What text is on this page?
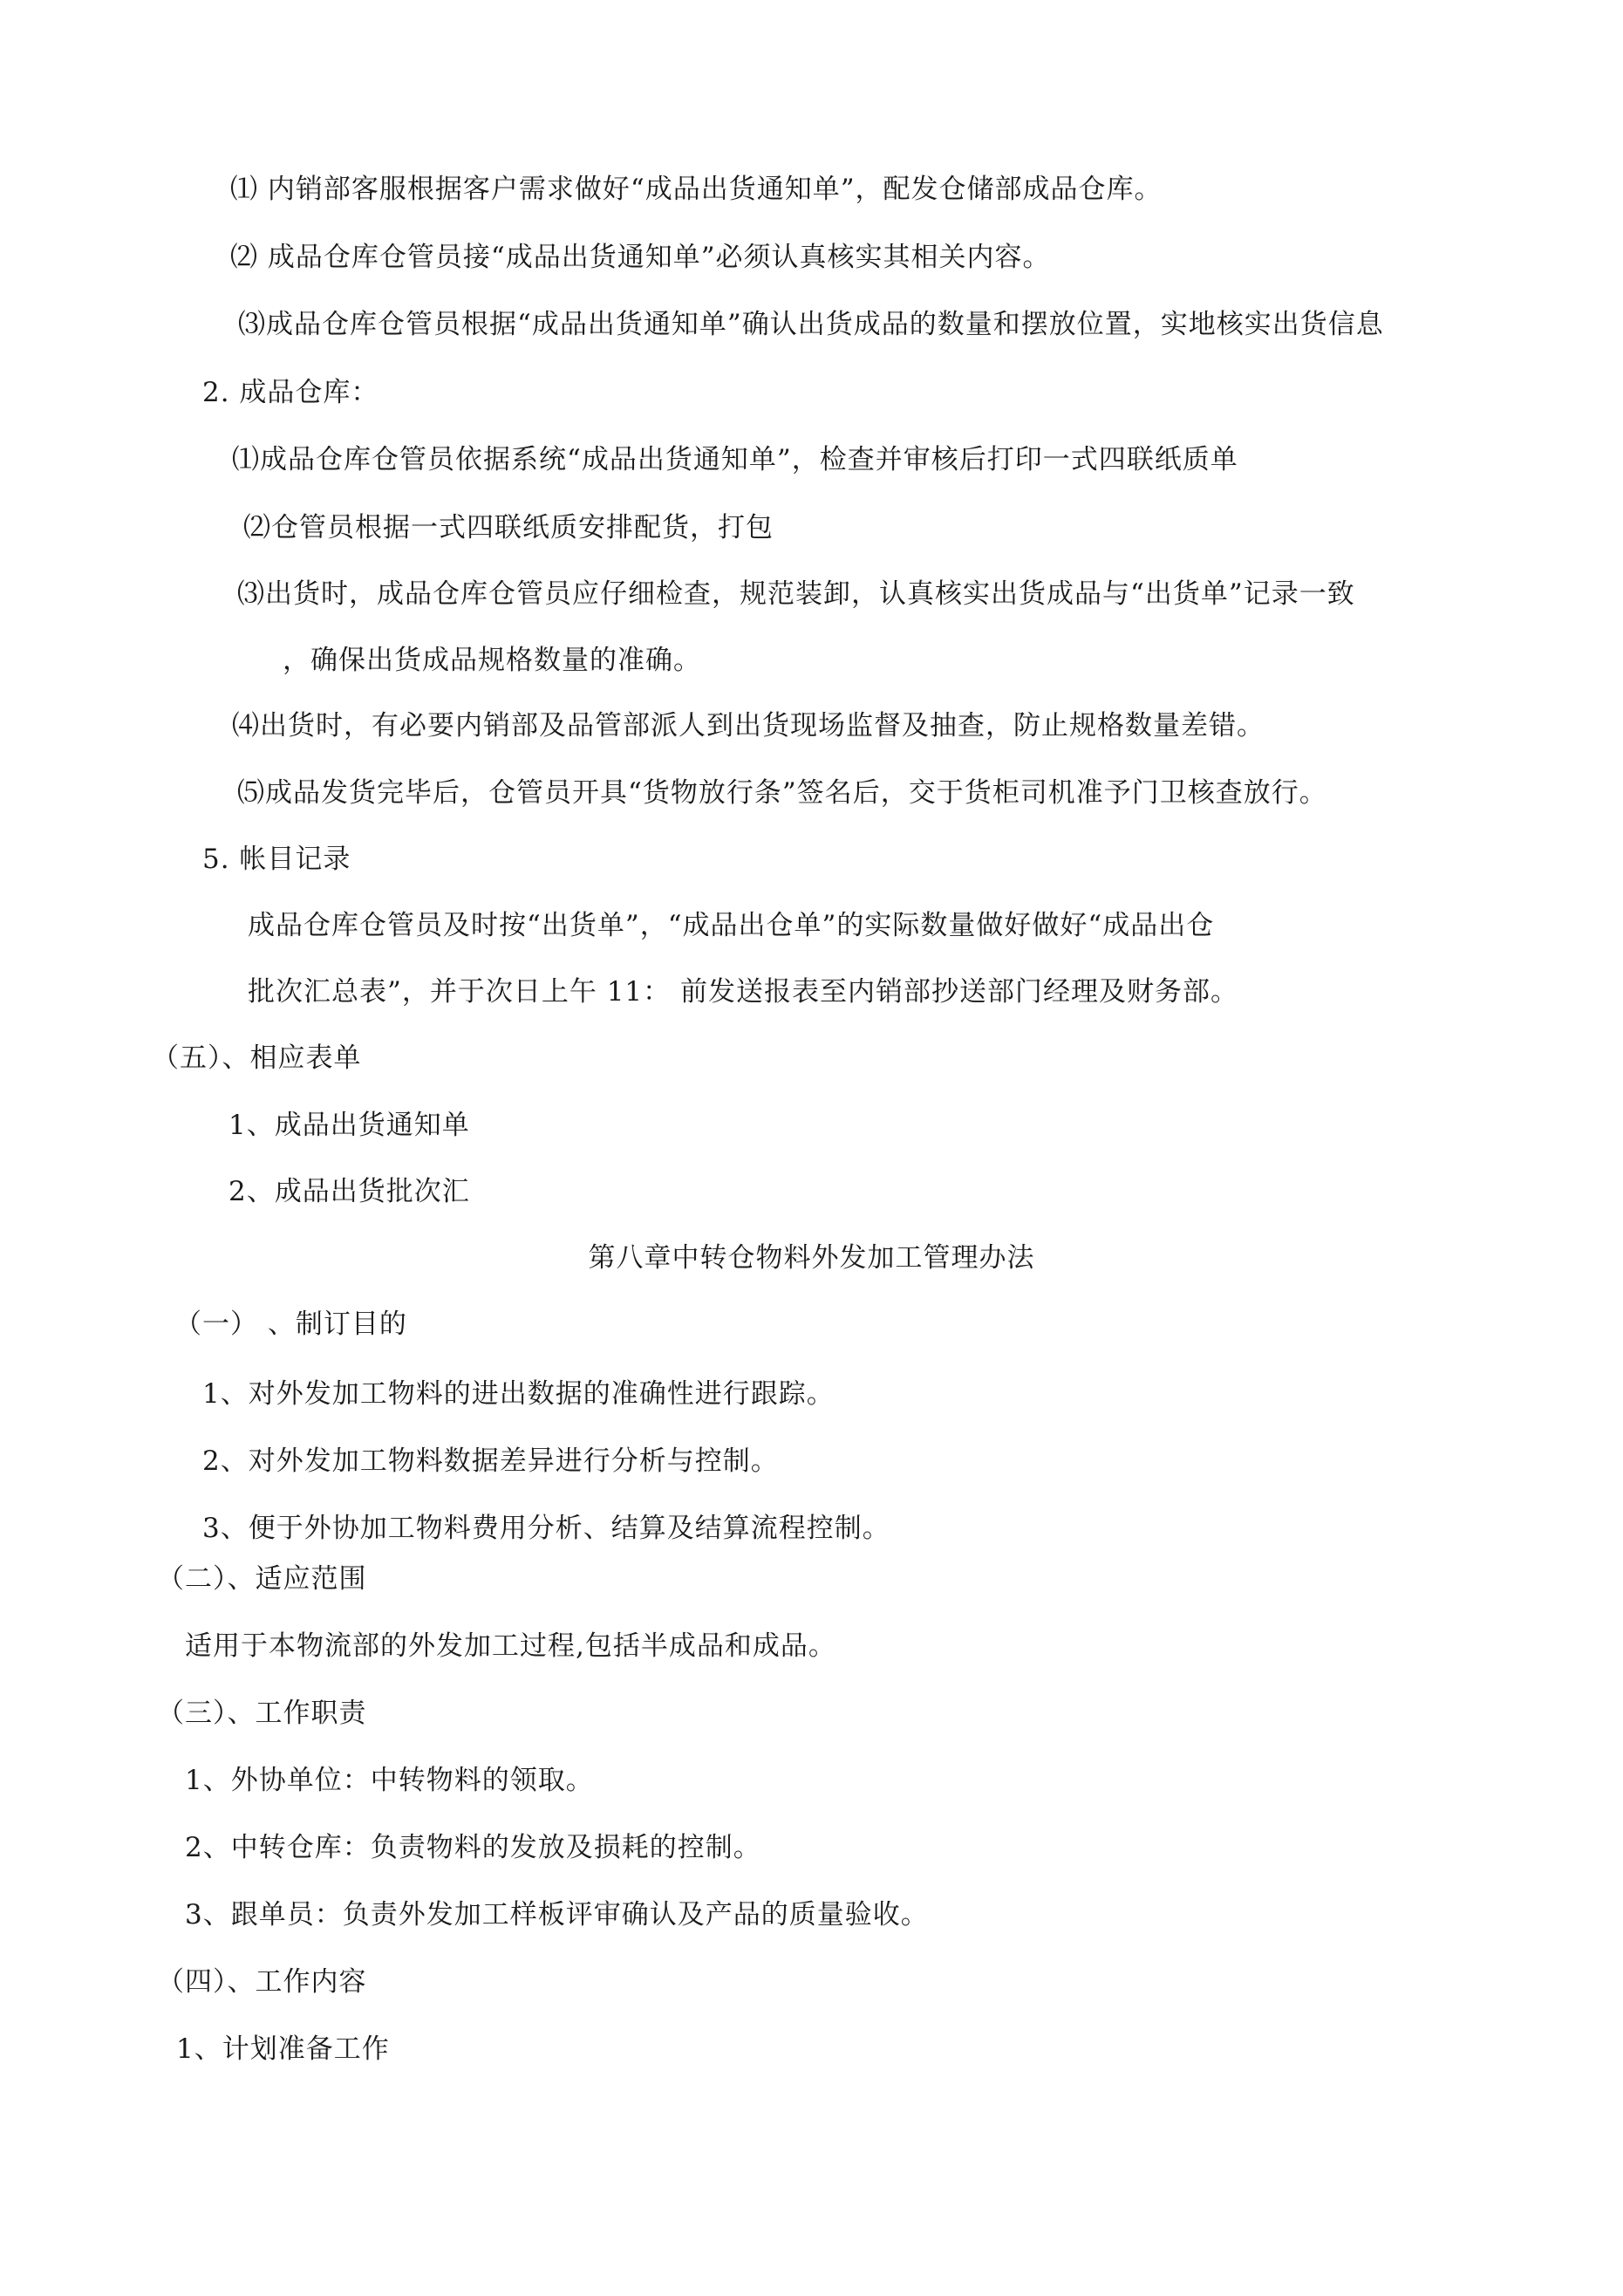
⑴ 内销部客服根据客户需求做好“成品出货通知单”，配发仓储部成品仓库。
⑵ 成品仓库仓管员接“成品出货通知单”必须认真核实其相关内容。
⑶成品仓库仓管员根据“成品出货通知单”确认出货成品的数量和摆放位置，实地核实出货信息
2. 成品仓库：
⑴成品仓库仓管员依据系统“成品出货通知单”，检查并审核后打印一式四联纸质单
⑵仓管员根据一式四联纸质安排配货，打包
⑶出货时，成品仓库仓管员应仔细检查，规范装卸，认真核实出货成品与“出货单”记录一致
，确保出货成品规格数量的准确。
⑷出货时，有必要内销部及品管部派人到出货现场监督及抽查，防止规格数量差错。
⑸成品发货完毕后，仓管员开具“货物放行条”签名后，交于货柜司机准予门卫核查放行。
5. 帐目记录
成品仓库仓管员及时按“出货单”，“成品出仓单”的实际数量做好做好“成品出仓
批次汇总表”，并于次日上午 11： 前发送报表至内销部抄送部门经理及财务部。
（五）、相应表单
1、成品出货通知单
2、成品出货批次汇
第八章中转仓物料外发加工管理办法
（一） 、制订目的
1、对外发加工物料的进出数据的准确性进行跟踪。
2、对外发加工物料数据差异进行分析与控制。
3、便于外协加工物料费用分析、结算及结算流程控制。
（二）、适应范围
适用于本物流部的外发加工过程,包括半成品和成品。
（三）、工作职责
1、外协单位：中转物料的领取。
2、中转仓库：负责物料的发放及损耗的控制。
3、跟单员：负责外发加工样板评审确认及产品的质量验收。
（四）、工作内容
1、计划准备工作
